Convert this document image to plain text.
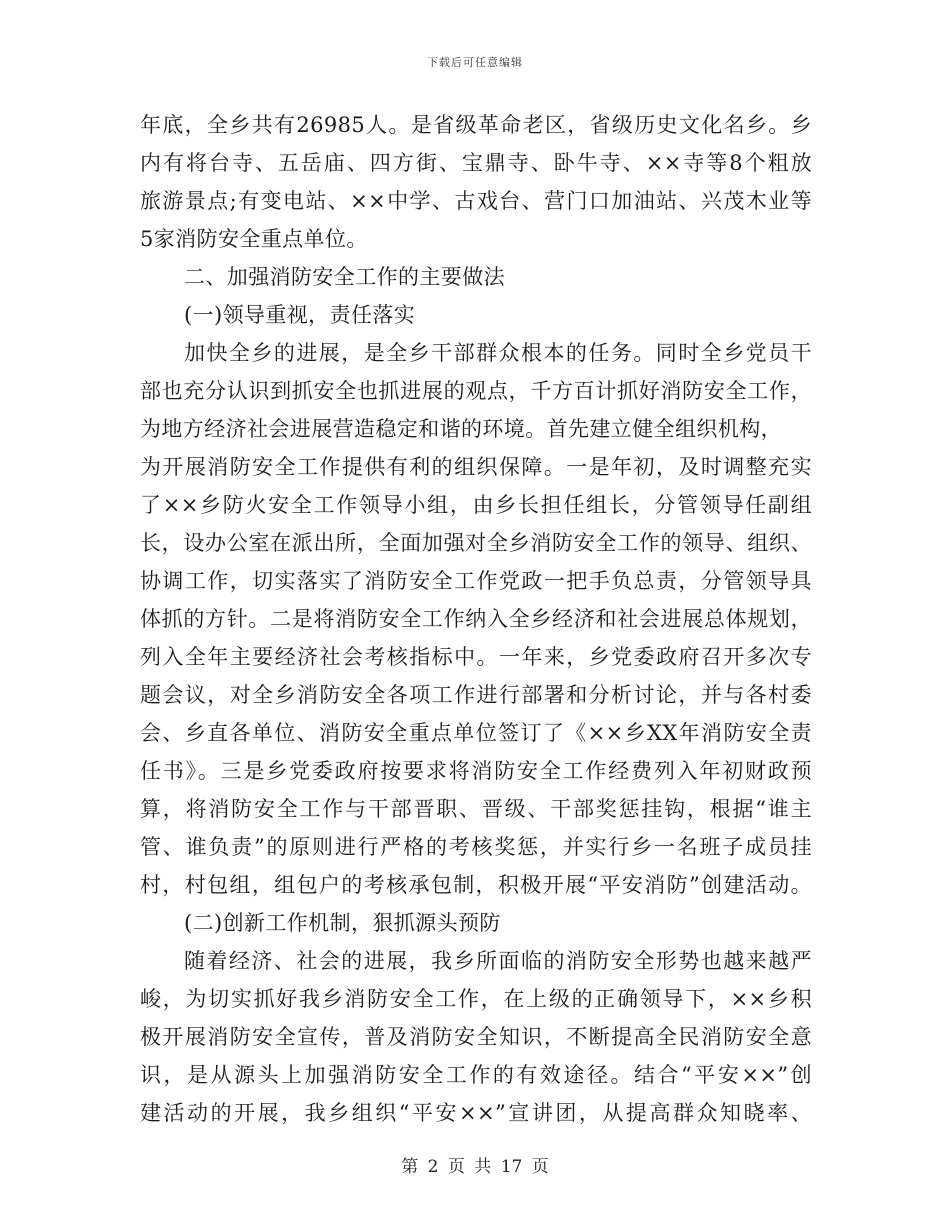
下载后可任意编辑
年底，全乡共有26985人。是省级革命老区，省级历史文化名乡。乡
内有将台寺、五岳庙、四方街、宝鼎寺、卧牛寺、××寺等8个粗放
旅游景点;有变电站、××中学、古戏台、营门口加油站、兴茂木业等
5家消防安全重点单位。
二、加强消防安全工作的主要做法
(一)领导重视，责任落实
加快全乡的进展，是全乡干部群众根本的任务。同时全乡党员干
部也充分认识到抓安全也抓进展的观点，千方百计抓好消防安全工作，
为地方经济社会进展营造稳定和谐的环境。首先建立健全组织机构，
为开展消防安全工作提供有利的组织保障。一是年初，及时调整充实
了××乡防火安全工作领导小组，由乡长担任组长，分管领导任副组
长，设办公室在派出所，全面加强对全乡消防安全工作的领导、组织、
协调工作，切实落实了消防安全工作党政一把手负总责，分管领导具
体抓的方针。二是将消防安全工作纳入全乡经济和社会进展总体规划，
列入全年主要经济社会考核指标中。一年来，乡党委政府召开多次专
题会议，对全乡消防安全各项工作进行部署和分析讨论，并与各村委
会、乡直各单位、消防安全重点单位签订了《××乡XX年消防安全责
任书》。三是乡党委政府按要求将消防安全工作经费列入年初财政预
算，将消防安全工作与干部晋职、晋级、干部奖惩挂钩，根据“谁主
管、谁负责”的原则进行严格的考核奖惩，并实行乡一名班子成员挂
村，村包组，组包户的考核承包制，积极开展“平安消防”创建活动。
(二)创新工作机制，狠抓源头预防
随着经济、社会的进展，我乡所面临的消防安全形势也越来越严
峻，为切实抓好我乡消防安全工作，在上级的正确领导下，××乡积
极开展消防安全宣传，普及消防安全知识，不断提高全民消防安全意
识，是从源头上加强消防安全工作的有效途径。结合“平安××”创
建活动的开展，我乡组织“平安××”宣讲团，从提高群众知晓率、
第 2 页 共 17 页
